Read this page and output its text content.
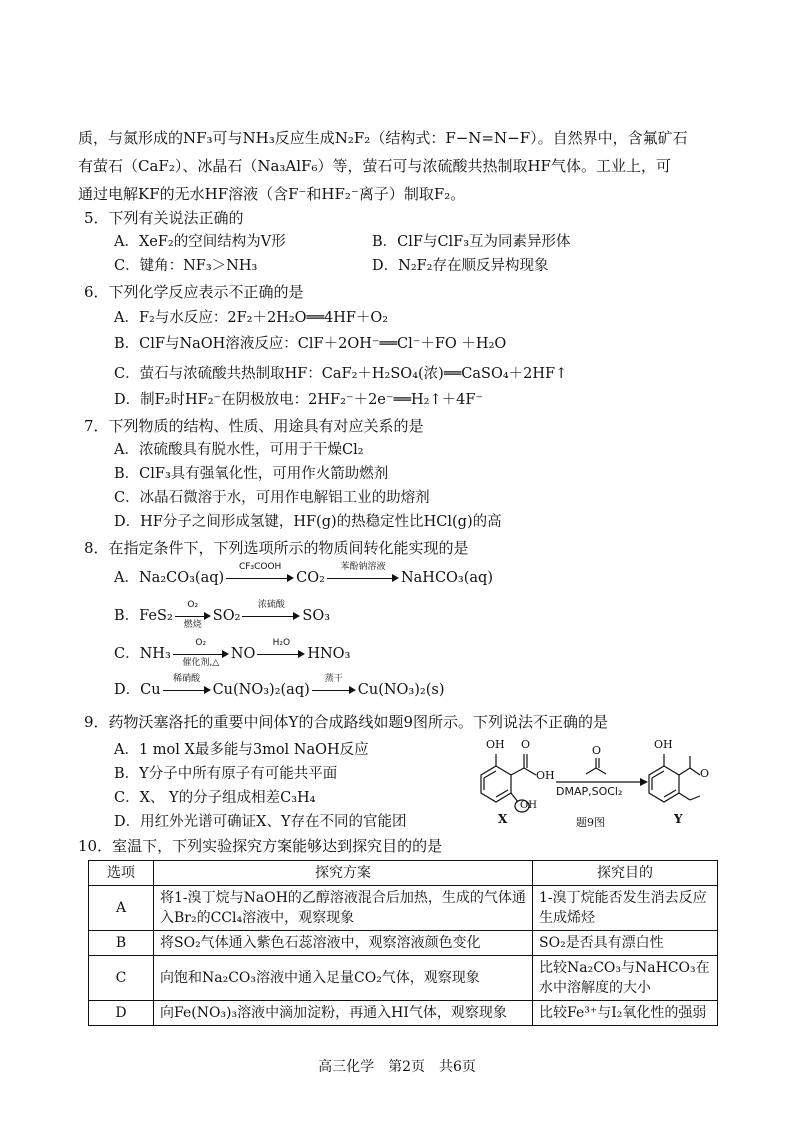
质，与氮形成的NF₃可与NH₃反应生成N₂F₂（结构式：F−N=N−F）。自然界中，含氟矿石
有萤石（CaF₂）、冰晶石（Na₃AlF₆）等，萤石可与浓硫酸共热制取HF气体。工业上，可
通过电解KF的无水HF溶液（含F⁻和HF₂⁻离子）制取F₂。
5．下列有关说法正确的
A．XeF₂的空间结构为V形	B．ClF与ClF₃互为同素异形体
C．键角：NF₃＞NH₃	D．N₂F₂存在顺反异构现象
6．下列化学反应表示不正确的是
A．F₂与水反应：2F₂＋2H₂O══4HF＋O₂
B．ClF与NaOH溶液反应：ClF＋2OH⁻══Cl⁻＋FO ＋H₂O
C．萤石与浓硫酸共热制取HF：CaF₂＋H₂SO₄(浓)══CaSO₄＋2HF↑
D．制F₂时HF₂⁻在阴极放电：2HF₂⁻＋2e⁻══H₂↑＋4F⁻
7．下列物质的结构、性质、用途具有对应关系的是
A．浓硫酸具有脱水性，可用于干燥Cl₂
B．ClF₃具有强氧化性，可用作火箭助燃剂
C．冰晶石微溶于水，可用作电解铝工业的助熔剂
D．HF分子之间形成氢键，HF(g)的热稳定性比HCl(g)的高
8．在指定条件下，下列选项所示的物质间转化能实现的是
A．Na₂CO₃(aq)
CF₃COOH
CO₂
苯酚钠溶液
NaHCO₃(aq)
B．FeS₂
O₂
燃烧
SO₂
浓硫酸
SO₃
C．NH₃
O₂
催化剂,△
NO
H₂O
HNO₃
D．Cu
稀硝酸
Cu(NO₃)₂(aq)
蒸干
Cu(NO₃)₂(s)
9．药物沃塞洛托的重要中间体Y的合成路线如题9图所示。下列说法不正确的是
A．1 mol X最多能与3mol NaOH反应
B．Y分子中所有原子有可能共平面
C．X、 Y的分子组成相差C₃H₄
D．用红外光谱可确证X、Y存在不同的官能团
OH O
OH
OH
X
O
DMAP,SOCl₂
OH
O
Y
题9图
10．室温下，下列实验探究方案能够达到探究目的的是
选项	探究方案	探究目的
A	将1-溴丁烷与NaOH的乙醇溶液混合后加热，生成的气体通入Br₂的CCl₄溶液中，观察现象	1-溴丁烷能否发生消去反应生成烯烃
B	将SO₂气体通入紫色石蕊溶液中，观察溶液颜色变化	SO₂是否具有漂白性
C	向饱和Na₂CO₃溶液中通入足量CO₂气体，观察现象	比较Na₂CO₃与NaHCO₃在水中溶解度的大小
D	向Fe(NO₃)₃溶液中滴加淀粉，再通入HI气体，观察现象	比较Fe³⁺与I₂氧化性的强弱
高三化学　第2页　共6页
